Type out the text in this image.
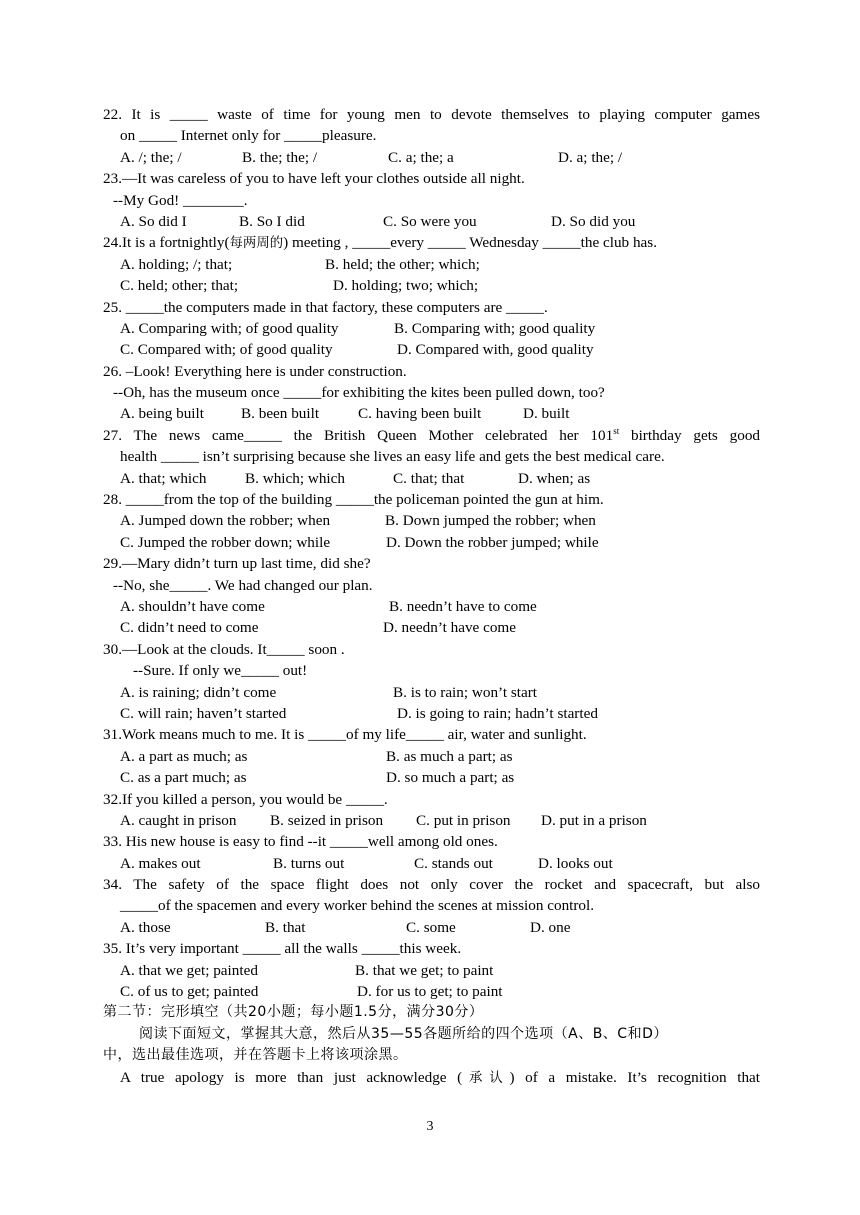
22. It is _____ waste of time for young men to devote themselves to playing computer games
on _____ Internet only for _____pleasure.
A. /; the; /	B. the; the; /	C. a; the; a	D. a; the; /
23.—It was careless of you to have left your clothes outside all night.
--My God! ________.
A. So did I	B. So I did	C. So were you	D. So did you
24.It is a fortnightly(每两周的) meeting , _____every _____ Wednesday _____the club has.
A. holding; /; that;	B. held; the other; which;
C. held; other; that;	D. holding; two; which;
25. _____the computers made in that factory, these computers are _____.
A. Comparing with; of good quality	B. Comparing with; good quality
C. Compared with; of good quality	D. Compared with, good quality
26. –Look! Everything here is under construction.
--Oh, has the museum once _____for exhibiting the kites been pulled down, too?
A. being built	B. been built	C. having been built	D. built
27. The news came_____ the British Queen Mother celebrated her 101st birthday gets good
health _____ isn’t surprising because she lives an easy life and gets the best medical care.
A. that; which	B. which; which	C. that; that	D. when; as
28. _____from the top of the building _____the policeman pointed the gun at him.
A. Jumped down the robber; when	B. Down jumped the robber; when
C. Jumped the robber down; while	D. Down the robber jumped; while
29.—Mary didn’t turn up last time, did she?
--No, she_____. We had changed our plan.
A. shouldn’t have come	B. needn’t have to come
C. didn’t need to come	D. needn’t have come
30.—Look at the clouds. It_____ soon .
--Sure. If only we_____ out!
A. is raining; didn’t come	B. is to rain; won’t start
C. will rain; haven’t started	D. is going to rain; hadn’t started
31.Work means much to me. It is _____of my life_____ air, water and sunlight.
A. a part as much; as	B. as much a part; as
C. as a part much; as	D. so much a part; as
32.If you killed a person, you would be _____.
A. caught in prison	B. seized in prison	C. put in prison	D. put in a prison
33. His new house is easy to find --it _____well among old ones.
A. makes out	B. turns out	C. stands out	D. looks out
34. The safety of the space flight does not only cover the rocket and spacecraft, but also
_____of the spacemen and every worker behind the scenes at mission control.
A. those	B. that	C. some	D. one
35. It’s very important _____ all the walls _____this week.
A. that we get; painted	B. that we get; to paint
C. of us to get; painted	D. for us to get; to paint
第二节：完形填空（共20小题；每小题1.5分，满分30分）
阅读下面短文，掌握其大意，然后从35—55各题所给的四个选项（A、B、C和D）
中，选出最佳选项，并在答题卡上将该项涂黑。
A true apology is more than just acknowledge (承认) of a mistake. It’s recognition that
3
